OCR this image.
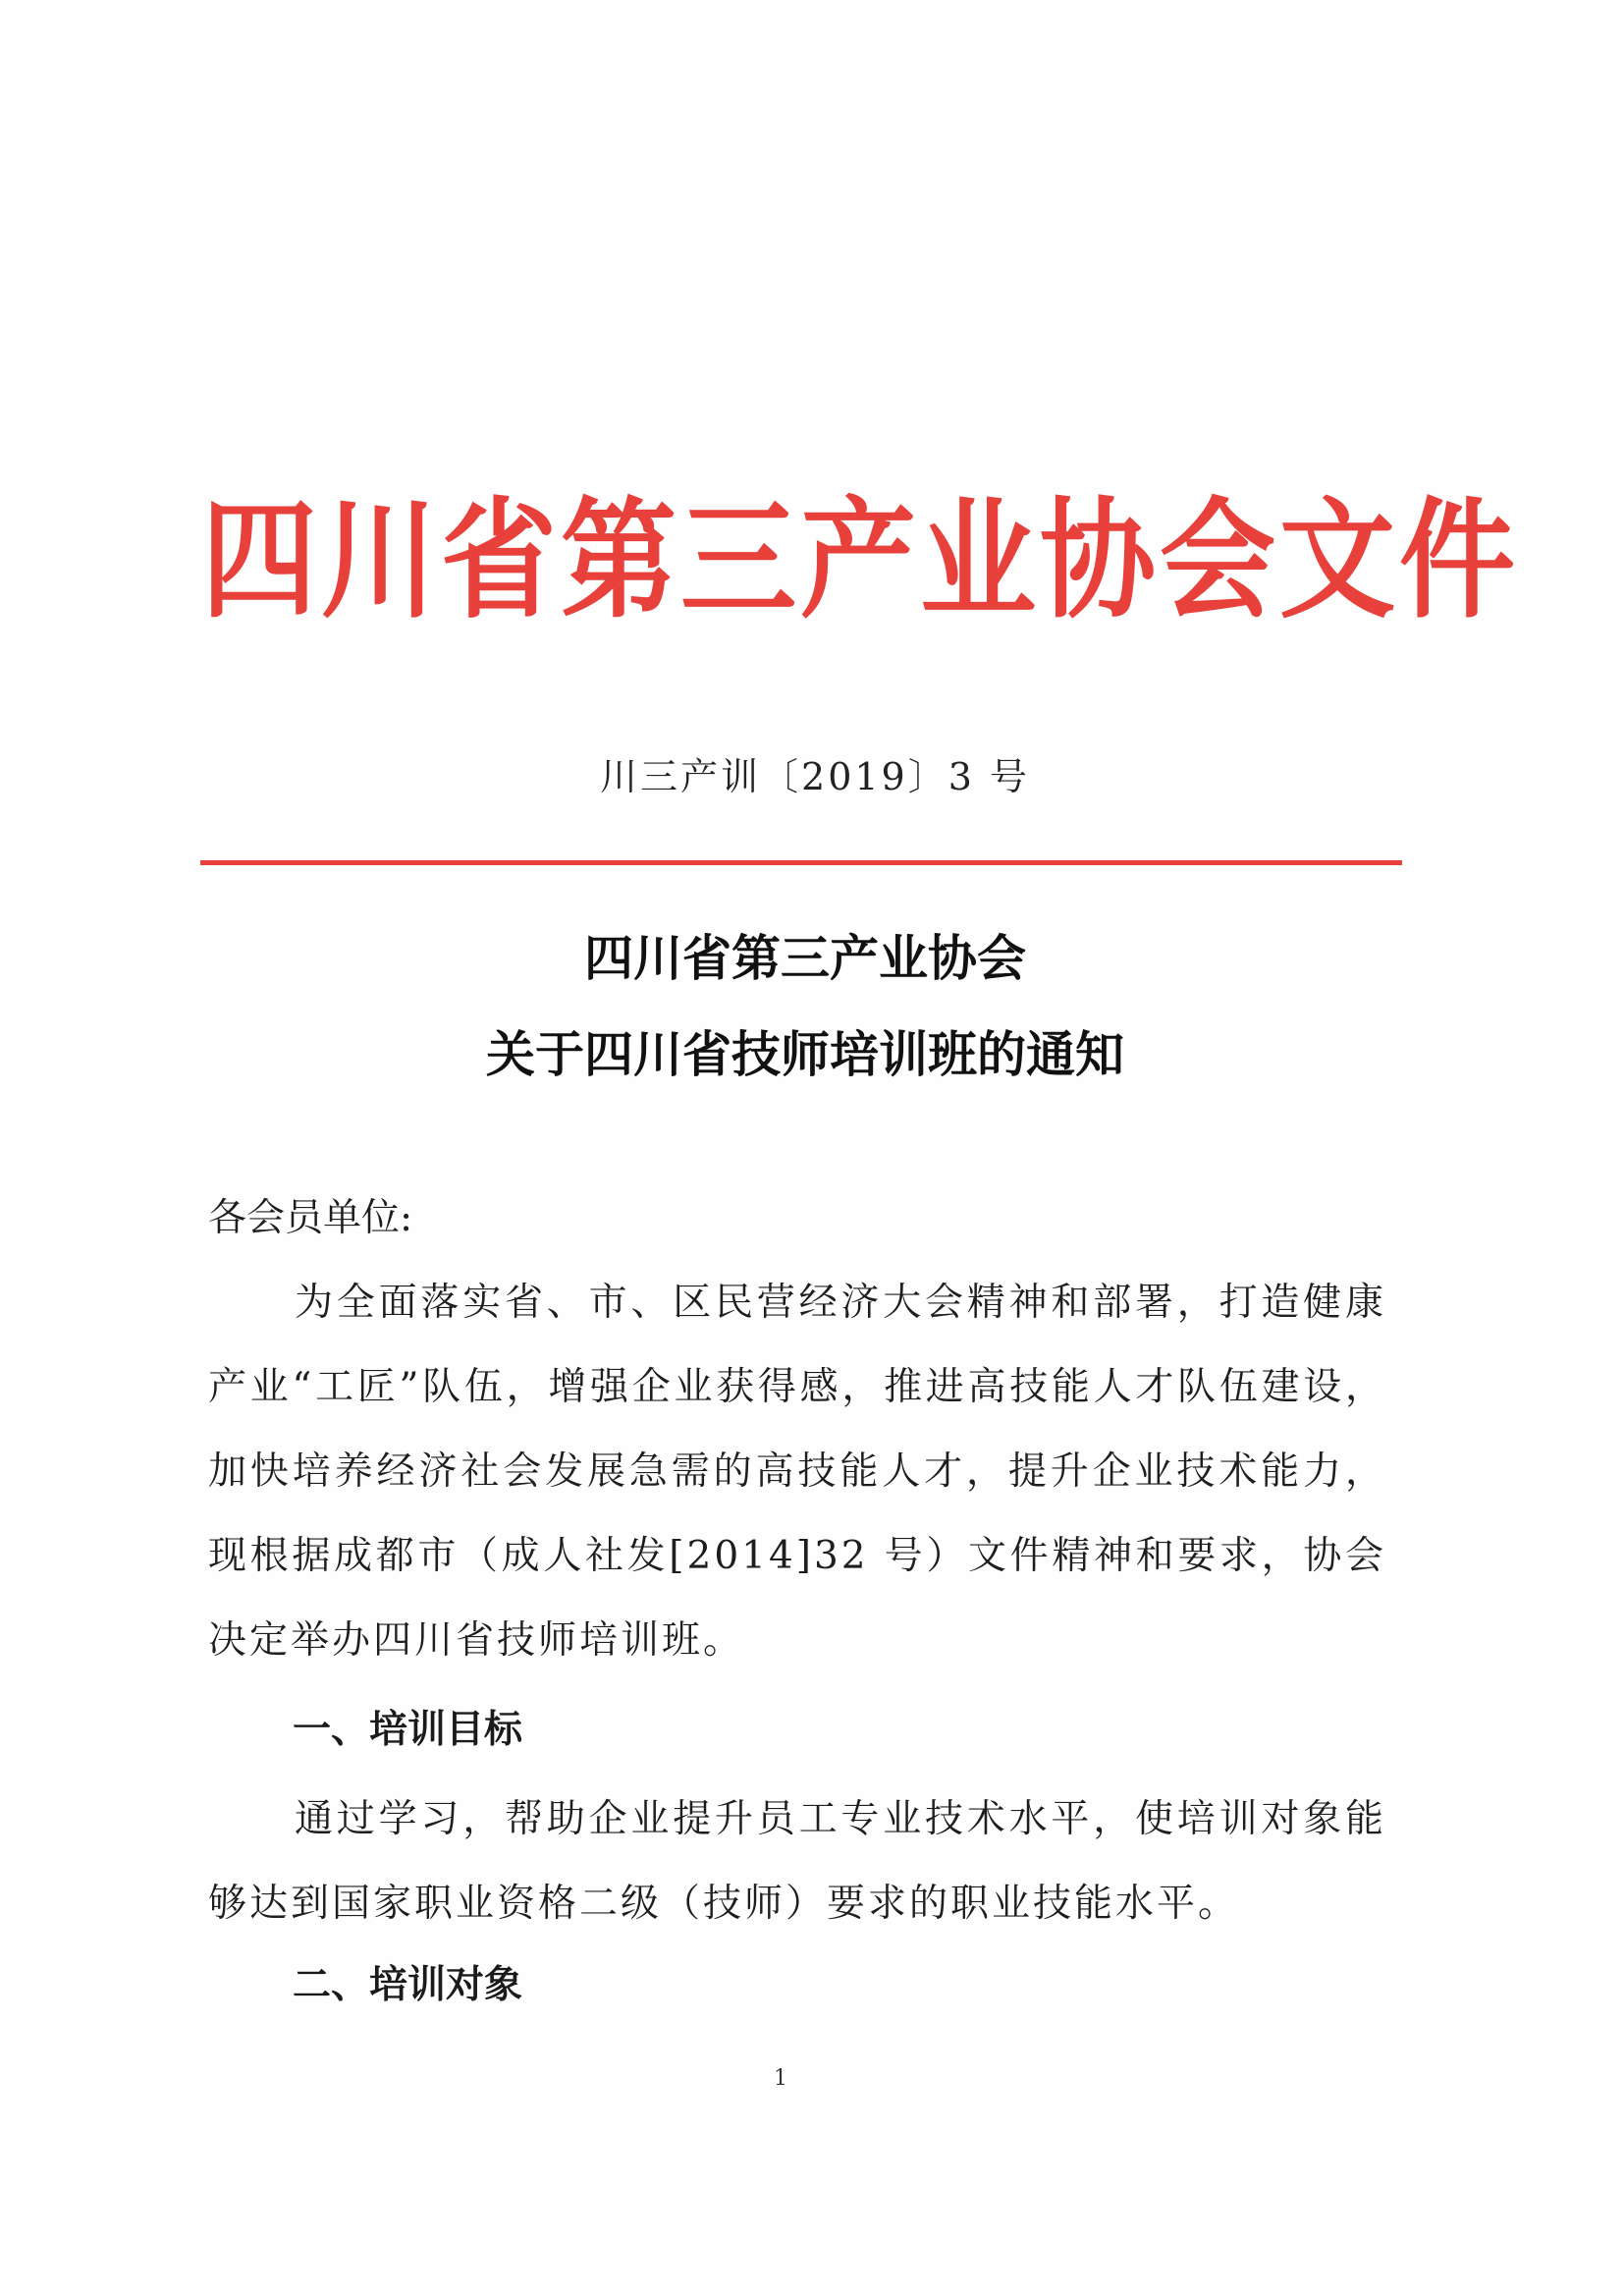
四川省第三产业协会文件
川三产训〔2019〕3 号
四川省第三产业协会
关于四川省技师培训班的通知
各会员单位:
为全面落实省、市、区民营经济大会精神和部署，打造健康产业“工匠”队伍，增强企业获得感，推进高技能人才队伍建设，加快培养经济社会发展急需的高技能人才，提升企业技术能力，现根据成都市（成人社发[2014]32 号）文件精神和要求，协会决定举办四川省技师培训班。
一、培训目标
通过学习，帮助企业提升员工专业技术水平，使培训对象能够达到国家职业资格二级（技师）要求的职业技能水平。
二、培训对象
1
